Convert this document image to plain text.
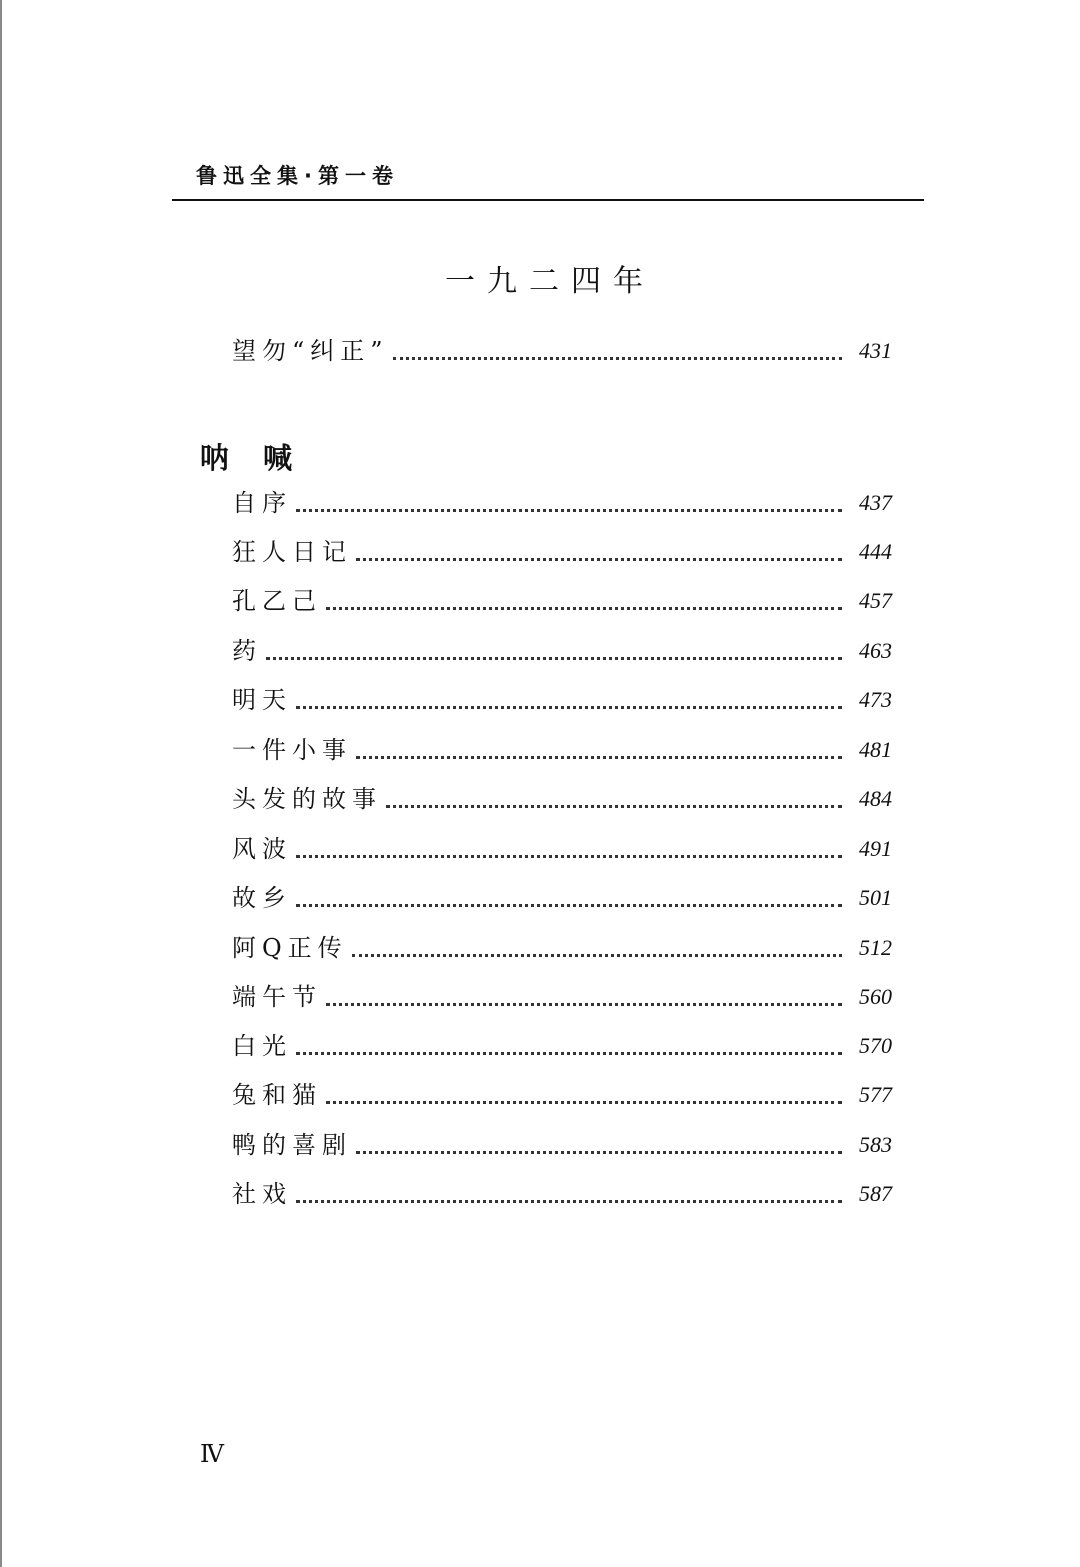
鲁迅全集·第一卷
一九二四年
望勿“纠正”	431
呐喊
自序	437
狂人日记	444
孔乙己	457
药	463
明天	473
一件小事	481
头发的故事	484
风波	491
故乡	501
阿Q正传	512
端午节	560
白光	570
兔和猫	577
鸭的喜剧	583
社戏	587
Ⅳ
